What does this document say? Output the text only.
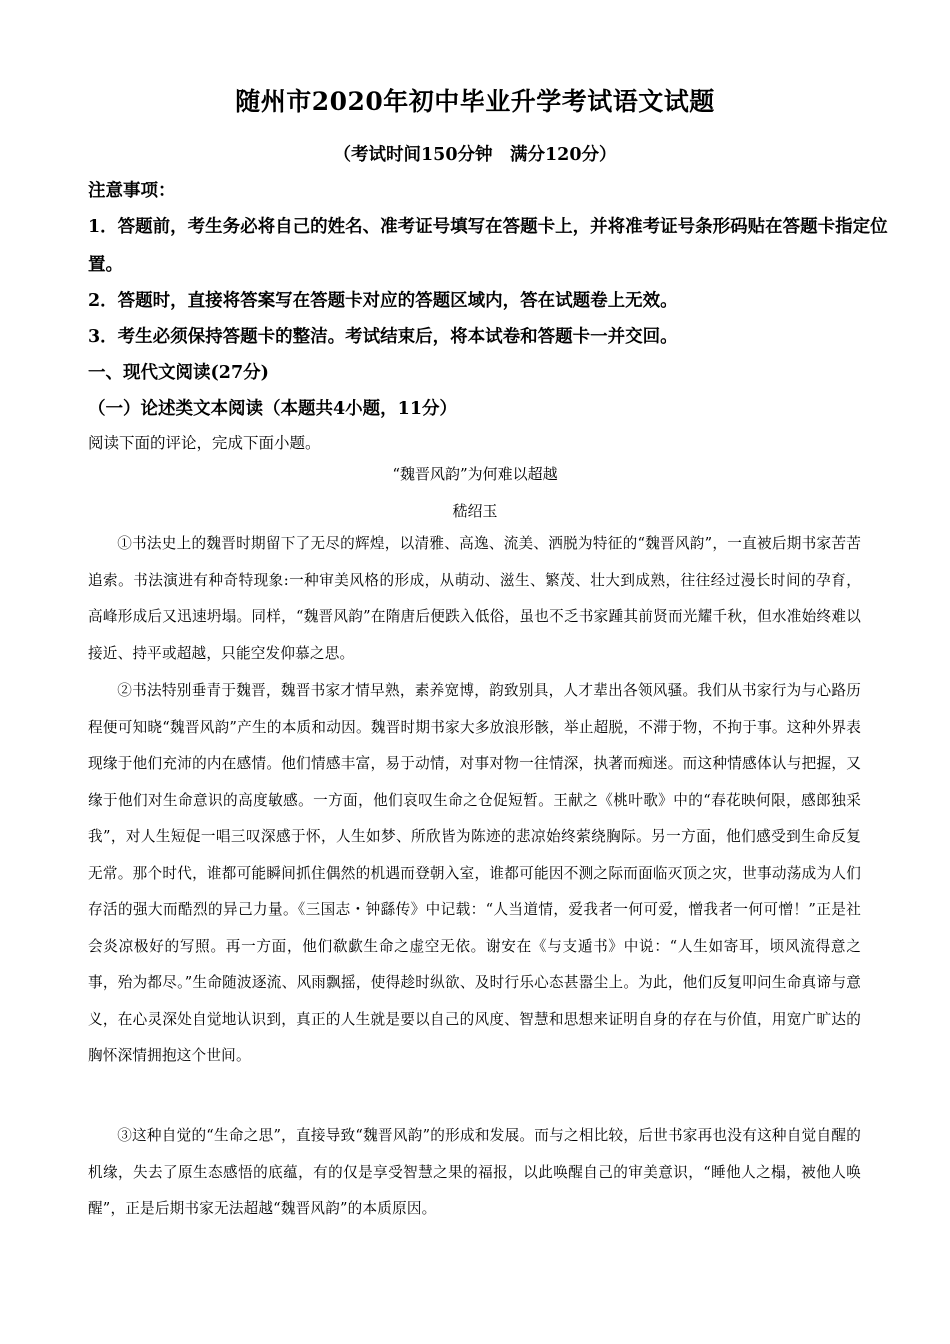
随州市2020年初中毕业升学考试语文试题
（考试时间150分钟　满分120分）
注意事项：
1．答题前，考生务必将自己的姓名、准考证号填写在答题卡上，并将准考证号条形码贴在答题卡指定位置。
2．答题时，直接将答案写在答题卡对应的答题区域内，答在试题卷上无效。
3．考生必须保持答题卡的整洁。考试结束后，将本试卷和答题卡一并交回。
一、现代文阅读(27分)
（一）论述类文本阅读（本题共4小题，11分）
阅读下面的评论，完成下面小题。
“魏晋风韵”为何难以超越
嵇绍玉
①书法史上的魏晋时期留下了无尽的辉煌，以清雅、高逸、流美、洒脱为特征的“魏晋风韵”，一直被后期书家苦苦追索。书法演进有种奇特现象:一种审美风格的形成，从萌动、滋生、繁茂、壮大到成熟，往往经过漫长时间的孕育，高峰形成后又迅速坍塌。同样，“魏晋风韵”在隋唐后便跌入低俗，虽也不乏书家踵其前贤而光耀千秋，但水准始终难以接近、持平或超越，只能空发仰慕之思。
②书法特别垂青于魏晋，魏晋书家才情早熟，素养宽博，韵致别具，人才辈出各领风骚。我们从书家行为与心路历程便可知晓“魏晋风韵”产生的本质和动因。魏晋时期书家大多放浪形骸，举止超脱，不滞于物，不拘于事。这种外界表现缘于他们充沛的内在感情。他们情感丰富，易于动情，对事对物一往情深，执著而痴迷。而这种情感体认与把握，又缘于他们对生命意识的高度敏感。一方面，他们哀叹生命之仓促短暂。王献之《桃叶歌》中的“春花映何限，感郎独采我”，对人生短促一唱三叹深感于怀，人生如梦、所欣皆为陈迹的悲凉始终萦绕胸际。另一方面，他们感受到生命反复无常。那个时代，谁都可能瞬间抓住偶然的机遇而登朝入室，谁都可能因不测之际而面临灭顶之灾，世事动荡成为人们存活的强大而酷烈的异己力量。《三国志・钟繇传》中记载：“人当道情，爱我者一何可爱，憎我者一何可憎！”正是社会炎凉极好的写照。再一方面，他们欷歔生命之虚空无依。谢安在《与支遁书》中说：“人生如寄耳，顷风流得意之事，殆为都尽。”生命随波逐流、风雨飘摇，使得趁时纵欲、及时行乐心态甚嚣尘上。为此，他们反复叩问生命真谛与意义，在心灵深处自觉地认识到，真正的人生就是要以自己的风度、智慧和思想来证明自身的存在与价值，用宽广旷达的胸怀深情拥抱这个世间。
③这种自觉的“生命之思”，直接导致“魏晋风韵”的形成和发展。而与之相比较，后世书家再也没有这种自觉自醒的机缘，失去了原生态感悟的底蕴，有的仅是享受智慧之果的福报，以此唤醒自己的审美意识，“睡他人之榻，被他人唤醒”，正是后期书家无法超越“魏晋风韵”的本质原因。
